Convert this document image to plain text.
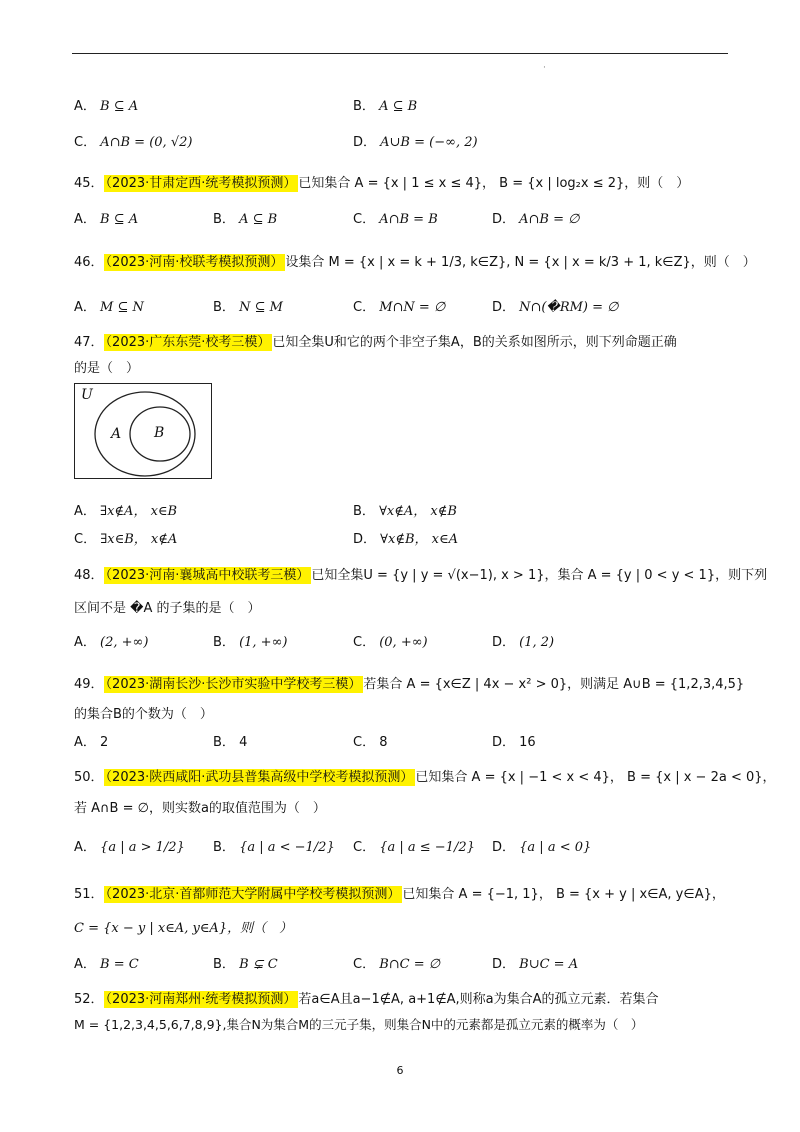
·
A． B ⊆ A	B． A ⊆ B
C． A∩B = (0, √2)	D． A∪B = (−∞, 2)
45． （2023·甘肃定西·统考模拟预测） 已知集合 A = {x | 1 ≤ x ≤ 4}， B = {x | log₂x ≤ 2}，则（　）
A． B ⊆ A	B． A ⊆ B	C． A∩B = B	D． A∩B = ∅
46． （2023·河南·校联考模拟预测） 设集合 M = {x | x = k + 1/3, k∈Z}, N = {x | x = k/3 + 1, k∈Z}，则（　）
A． M ⊆ N	B． N ⊆ M	C． M∩N = ∅	D． N∩(�RM) = ∅
47． （2023·广东东莞·校考三模） 已知全集U和它的两个非空子集A，B的关系如图所示，则下列命题正确
的是（　）
U
A B
A． ∃x∉A， x∈B	B． ∀x∉A， x∉B
C． ∃x∈B， x∉A	D． ∀x∉B， x∈A
48． （2023·河南·襄城高中校联考三模） 已知全集U = {y | y = √(x−1), x > 1}，集合 A = {y | 0 < y < 1}，则下列
区间不是 �A 的子集的是（　）
A． (2, +∞)	B． (1, +∞)	C． (0, +∞)	D． (1, 2)
49． （2023·湖南长沙·长沙市实验中学校考三模） 若集合 A = {x∈Z | 4x − x² > 0}，则满足 A∪B = {1,2,3,4,5}
的集合B的个数为（　）
A． 2	B． 4	C． 8	D． 16
50． （2023·陕西咸阳·武功县普集高级中学校考模拟预测） 已知集合 A = {x | −1 < x < 4}， B = {x | x − 2a < 0}，
若 A∩B = ∅，则实数a的取值范围为（　）
A． {a | a > 1/2} B． {a | a < −1/2} C． {a | a ≤ −1/2} D． {a | a < 0}
51． （2023·北京·首都师范大学附属中学校考模拟预测） 已知集合 A = {−1, 1}， B = {x + y | x∈A, y∈A}，
C = {x − y | x∈A, y∈A}，则（　）
A． B = C	B． B ⊊ C	C． B∩C = ∅	D． B∪C = A
52． （2023·河南郑州·统考模拟预测） 若a∈A且a−1∉A, a+1∉A,则称a为集合A的孤立元素．若集合
M = {1,2,3,4,5,6,7,8,9},集合N为集合M的三元子集，则集合N中的元素都是孤立元素的概率为（　）
6
